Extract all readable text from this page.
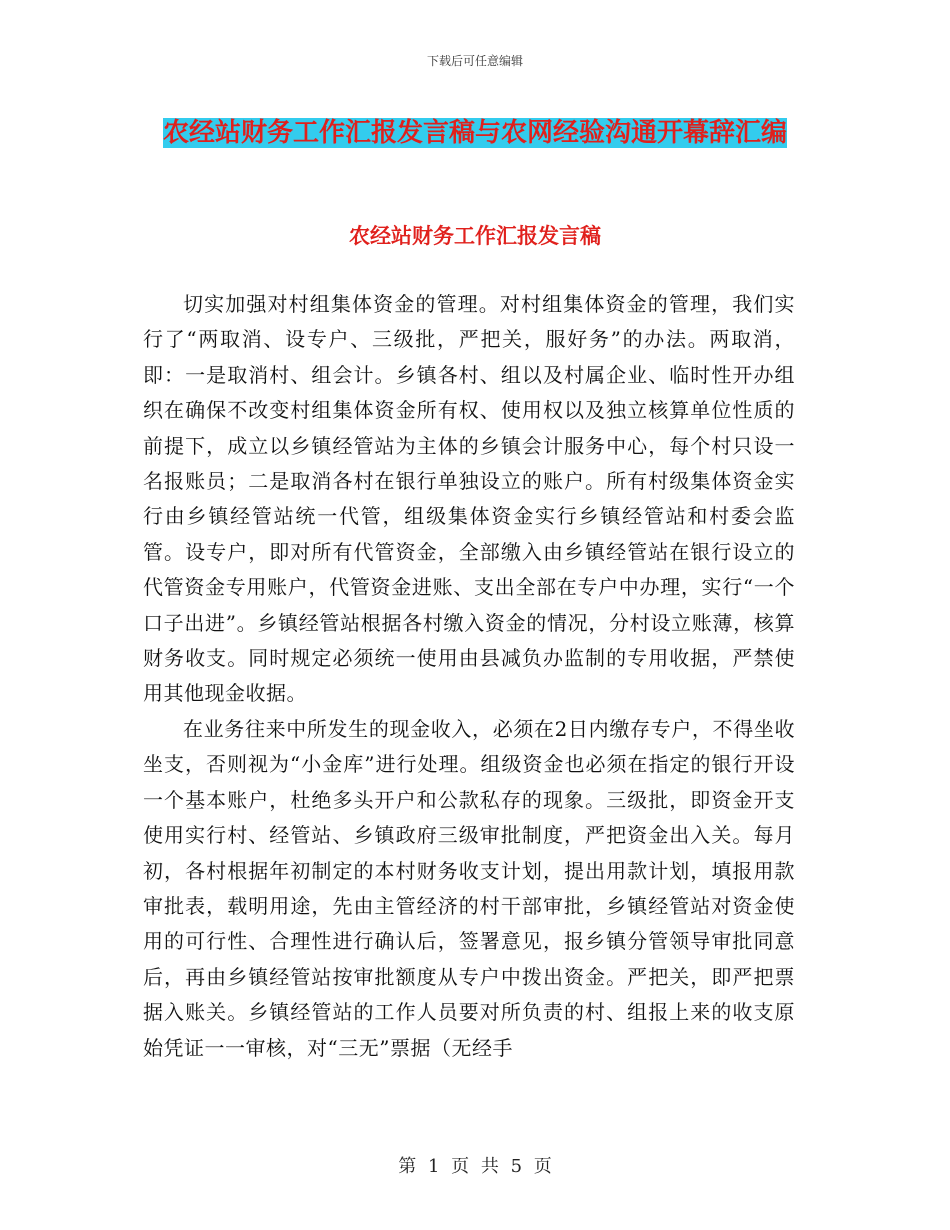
下载后可任意编辑
农经站财务工作汇报发言稿与农网经验沟通开幕辞汇编
农经站财务工作汇报发言稿

切实加强对村组集体资金的管理。对村组集体资金的管理，我们实行了“两取消、设专户、三级批，严把关，服好务”的办法。两取消，即：一是取消村、组会计。乡镇各村、组以及村属企业、临时性开办组织在确保不改变村组集体资金所有权、使用权以及独立核算单位性质的前提下，成立以乡镇经管站为主体的乡镇会计服务中心，每个村只设一名报账员；二是取消各村在银行单独设立的账户。所有村级集体资金实行由乡镇经管站统一代管，组级集体资金实行乡镇经管站和村委会监管。设专户，即对所有代管资金，全部缴入由乡镇经管站在银行设立的代管资金专用账户，代管资金进账、支出全部在专户中办理，实行“一个口子出进”。乡镇经管站根据各村缴入资金的情况，分村设立账薄，核算财务收支。同时规定必须统一使用由县减负办监制的专用收据，严禁使用其他现金收据。

在业务往来中所发生的现金收入，必须在2日内缴存专户，不得坐收坐支，否则视为“小金库”进行处理。组级资金也必须在指定的银行开设一个基本账户，杜绝多头开户和公款私存的现象。三级批，即资金开支使用实行村、经管站、乡镇政府三级审批制度，严把资金出入关。每月初，各村根据年初制定的本村财务收支计划，提出用款计划，填报用款审批表，载明用途，先由主管经济的村干部审批，乡镇经管站对资金使用的可行性、合理性进行确认后，签署意见，报乡镇分管领导审批同意后，再由乡镇经管站按审批额度从专户中拨出资金。严把关，即严把票据入账关。乡镇经管站的工作人员要对所负责的村、组报上来的收支原始凭证一一审核，对“三无”票据（无经手

第 1 页 共 5 页
